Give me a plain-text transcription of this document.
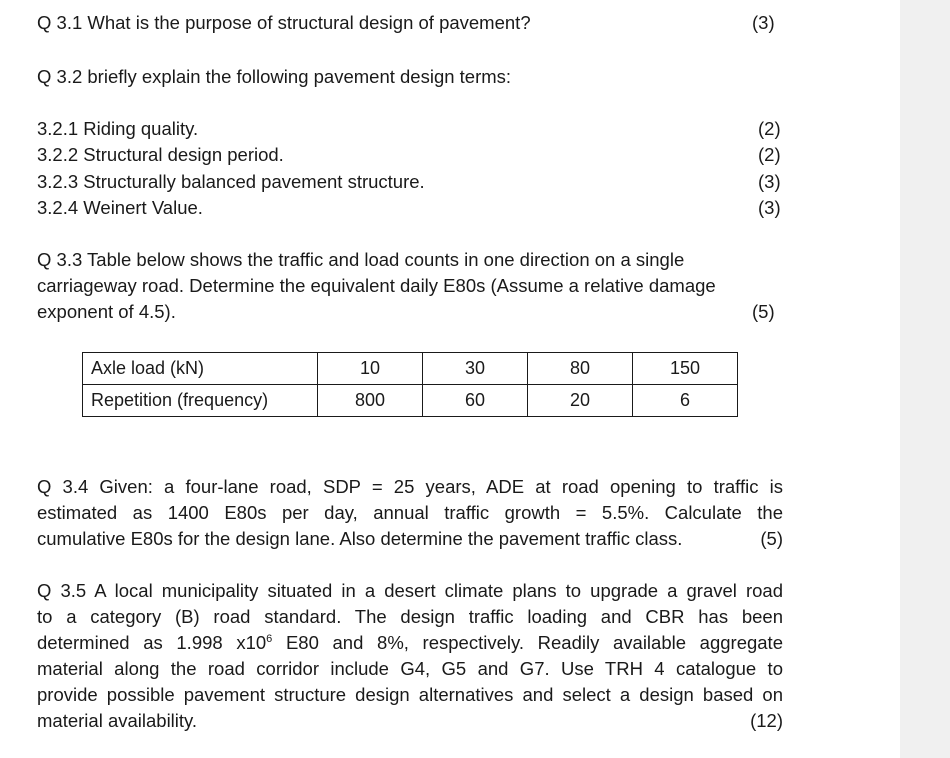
Q 3.1 What is the purpose of structural design of pavement?	(3)
Q 3.2 briefly explain the following pavement design terms:
3.2.1 Riding quality.	(2)
3.2.2 Structural design period.	(2)
3.2.3 Structurally balanced pavement structure.	(3)
3.2.4 Weinert Value.	(3)
Q 3.3 Table below shows the traffic and load counts in one direction on a single
carriageway road. Determine the equivalent daily E80s (Assume a relative damage
exponent of 4.5).	(5)
Axle load (kN)	10	30	80	150
Repetition (frequency)	800	60	20	6
Q 3.4 Given: a four-lane road, SDP = 25 years, ADE at road opening to traffic is
estimated as 1400 E80s per day, annual traffic growth = 5.5%. Calculate the
cumulative E80s for the design lane. Also determine the pavement traffic class.	(5)
Q 3.5 A local municipality situated in a desert climate plans to upgrade a gravel road
to a category (B) road standard. The design traffic loading and CBR has been
determined as 1.998 $x10^6$ E80 and 8%, respectively. Readily available aggregate
material along the road corridor include G4, G5 and G7. Use TRH 4 catalogue to
provide possible pavement structure design alternatives and select a design based on
material availability.	(12)
